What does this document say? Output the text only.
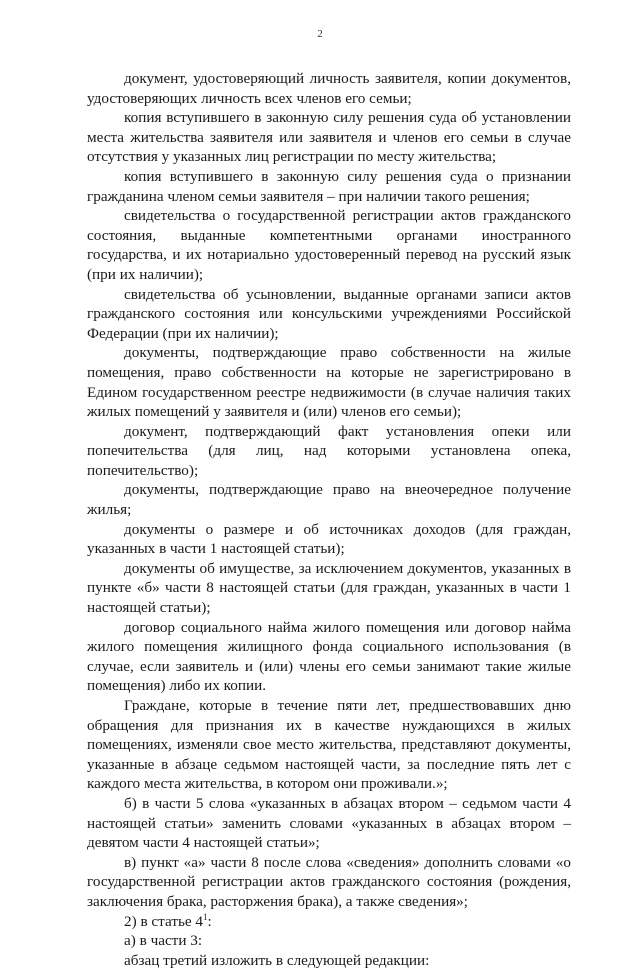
2

документ, удостоверяющий личность заявителя, копии документов, удостоверяющих личность всех членов его семьи;

копия вступившего в законную силу решения суда об установлении места жительства заявителя или заявителя и членов его семьи в случае отсутствия у указанных лиц регистрации по месту жительства;

копия вступившего в законную силу решения суда о признании гражданина членом семьи заявителя – при наличии такого решения;

свидетельства о государственной регистрации актов гражданского состояния, выданные компетентными органами иностранного государства, и их нотариально удостоверенный перевод на русский язык (при их наличии);

свидетельства об усыновлении, выданные органами записи актов гражданского состояния или консульскими учреждениями Российской Федерации (при их наличии);

документы, подтверждающие право собственности на жилые помещения, право собственности на которые не зарегистрировано в Едином государственном реестре недвижимости (в случае наличия таких жилых помещений у заявителя и (или) членов его семьи);

документ, подтверждающий факт установления опеки или попечительства (для лиц, над которыми установлена опека, попечительство);

документы, подтверждающие право на внеочередное получение жилья;

документы о размере и об источниках доходов (для граждан, указанных в части 1 настоящей статьи);

документы об имуществе, за исключением документов, указанных в пункте «б» части 8 настоящей статьи (для граждан, указанных в части 1 настоящей статьи);

договор социального найма жилого помещения или договор найма жилого помещения жилищного фонда социального использования (в случае, если заявитель и (или) члены его семьи занимают такие жилые помещения) либо их копии.

Граждане, которые в течение пяти лет, предшествовавших дню обращения для признания их в качестве нуждающихся в жилых помещениях, изменяли свое место жительства, представляют документы, указанные в абзаце седьмом настоящей части, за последние пять лет с каждого места жительства, в котором они проживали.»;

б) в части 5 слова «указанных в абзацах втором – седьмом части 4 настоящей статьи» заменить словами «указанных в абзацах втором – девятом части 4 настоящей статьи»;

в) пункт «а» части 8 после слова «сведения» дополнить словами «о государственной регистрации актов гражданского состояния (рождения, заключения брака, расторжения брака), а также сведения»;

2) в статье $4^1$:

а) в части 3:

абзац третий изложить в следующей редакции:
